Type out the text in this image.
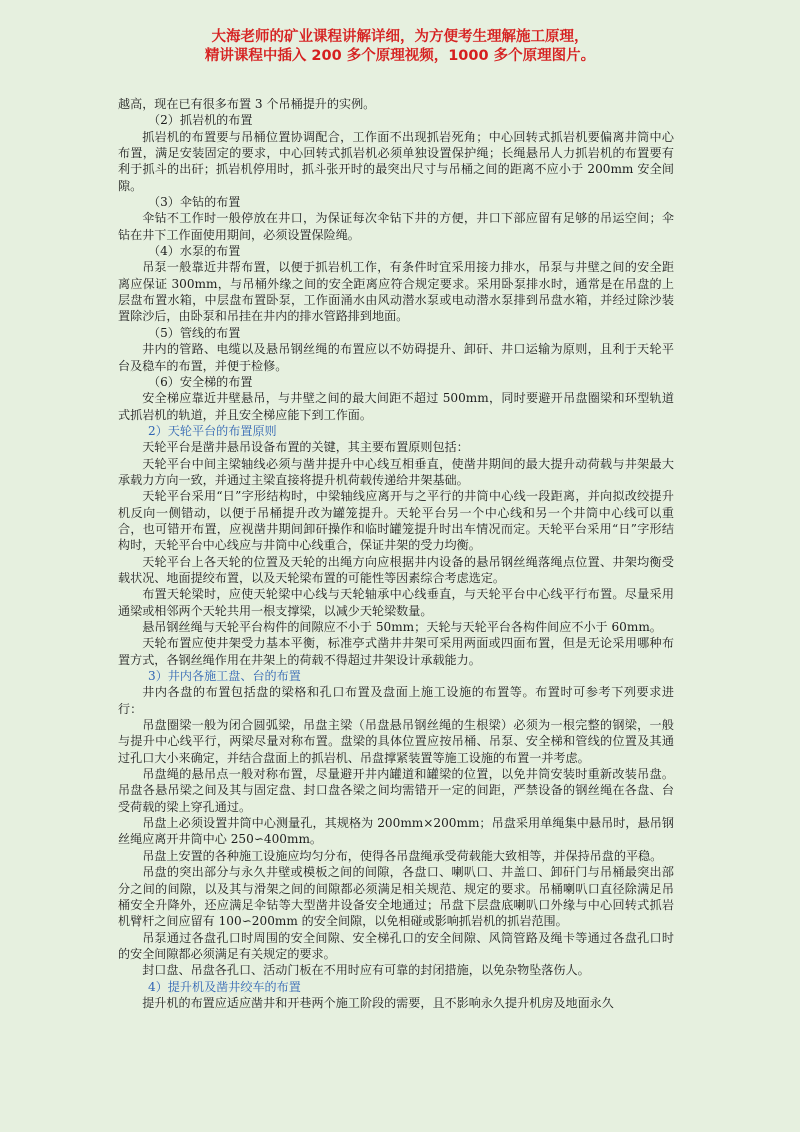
大海老师的矿业课程讲解详细，为方便考生理解施工原理，
精讲课程中插入 200 多个原理视频，1000 多个原理图片。

越高，现在已有很多布置 3 个吊桶提升的实例。

（2）抓岩机的布置

抓岩机的布置要与吊桶位置协调配合，工作面不出现抓岩死角；中心回转式抓岩机要偏离井筒中心布置，满足安装固定的要求，中心回转式抓岩机必须单独设置保护绳；长绳悬吊人力抓岩机的布置要有利于抓斗的出矸；抓岩机停用时，抓斗张开时的最突出尺寸与吊桶之间的距离不应小于 200mm 安全间隙。

（3）伞钻的布置

伞钻不工作时一般停放在井口，为保证每次伞钻下井的方便，井口下部应留有足够的吊运空间；伞钻在井下工作面使用期间，必须设置保险绳。

（4）水泵的布置

吊泵一般靠近井帮布置，以便于抓岩机工作，有条件时宜采用接力排水，吊泵与井壁之间的安全距离应保证 300mm，与吊桶外缘之间的安全距离应符合规定要求。采用卧泵排水时，通常是在吊盘的上层盘布置水箱，中层盘布置卧泵，工作面涌水由风动潜水泵或电动潜水泵排到吊盘水箱，并经过除沙装置除沙后，由卧泵和吊挂在井内的排水管路排到地面。

（5）管线的布置

井内的管路、电缆以及悬吊钢丝绳的布置应以不妨碍提升、卸矸、井口运输为原则，且利于天轮平台及稳车的布置，并便于检修。

（6）安全梯的布置

安全梯应靠近井壁悬吊，与井壁之间的最大间距不超过 500mm，同时要避开吊盘圈梁和环型轨道式抓岩机的轨道，并且安全梯应能下到工作面。

2）天轮平台的布置原则

天轮平台是凿井悬吊设备布置的关键，其主要布置原则包括：

天轮平台中间主梁轴线必须与凿井提升中心线互相垂直，使凿井期间的最大提升动荷载与井架最大承载力方向一致，并通过主梁直接将提升机荷载传递给井架基础。

天轮平台采用“日”字形结构时，中梁轴线应离开与之平行的井筒中心线一段距离，并向拟改绞提升机反向一侧错动，以便于吊桶提升改为罐笼提升。天轮平台另一个中心线和另一个井筒中心线可以重合，也可错开布置，应视凿井期间卸矸操作和临时罐笼提升时出车情况而定。天轮平台采用“日”字形结构时，天轮平台中心线应与井筒中心线重合，保证井架的受力均衡。

天轮平台上各天轮的位置及天轮的出绳方向应根据井内设备的悬吊钢丝绳落绳点位置、井架均衡受载状况、地面提绞布置，以及天轮梁布置的可能性等因素综合考虑选定。

布置天轮梁时，应使天轮梁中心线与天轮轴承中心线垂直，与天轮平台中心线平行布置。尽量采用通梁或相邻两个天轮共用一根支撑梁，以减少天轮梁数量。

悬吊钢丝绳与天轮平台构件的间隙应不小于 50mm；天轮与天轮平台各构件间应不小于 60mm。

天轮布置应使井架受力基本平衡，标准亭式凿井井架可采用两面或四面布置，但是无论采用哪种布置方式，各钢丝绳作用在井架上的荷载不得超过井架设计承载能力。

3）井内各施工盘、台的布置

井内各盘的布置包括盘的梁格和孔口布置及盘面上施工设施的布置等。布置时可参考下列要求进行：

吊盘圈梁一般为闭合圆弧梁，吊盘主梁（吊盘悬吊钢丝绳的生根梁）必须为一根完整的钢梁，一般与提升中心线平行，两梁尽量对称布置。盘梁的具体位置应按吊桶、吊泵、安全梯和管线的位置及其通过孔口大小来确定，并结合盘面上的抓岩机、吊盘撑紧装置等施工设施的布置一并考虑。

吊盘绳的悬吊点一般对称布置，尽量避开井内罐道和罐梁的位置，以免井筒安装时重新改装吊盘。吊盘各悬吊梁之间及其与固定盘、封口盘各梁之间均需错开一定的间距，严禁设备的钢丝绳在各盘、台受荷载的梁上穿孔通过。

吊盘上必须设置井筒中心测量孔，其规格为 200mm×200mm；吊盘采用单绳集中悬吊时，悬吊钢丝绳应离开井筒中心 250∽400mm。

吊盘上安置的各种施工设施应均匀分布，使得各吊盘绳承受荷载能大致相等，并保持吊盘的平稳。

吊盘的突出部分与永久井壁或模板之间的间隙，各盘口、喇叭口、井盖口、卸矸门与吊桶最突出部分之间的间隙，以及其与滑架之间的间隙都必须满足相关规范、规定的要求。吊桶喇叭口直径除满足吊桶安全升降外，还应满足伞钻等大型凿井设备安全地通过；吊盘下层盘底喇叭口外缘与中心回转式抓岩机臂杆之间应留有 100∽200mm 的安全间隙，以免相碰或影响抓岩机的抓岩范围。

吊泵通过各盘孔口时周围的安全间隙、安全梯孔口的安全间隙、风筒管路及绳卡等通过各盘孔口时的安全间隙都必须满足有关规定的要求。

封口盘、吊盘各孔口、活动门板在不用时应有可靠的封闭措施，以免杂物坠落伤人。

4）提升机及凿井绞车的布置

提升机的布置应适应凿井和开巷两个施工阶段的需要，且不影响永久提升机房及地面永久
